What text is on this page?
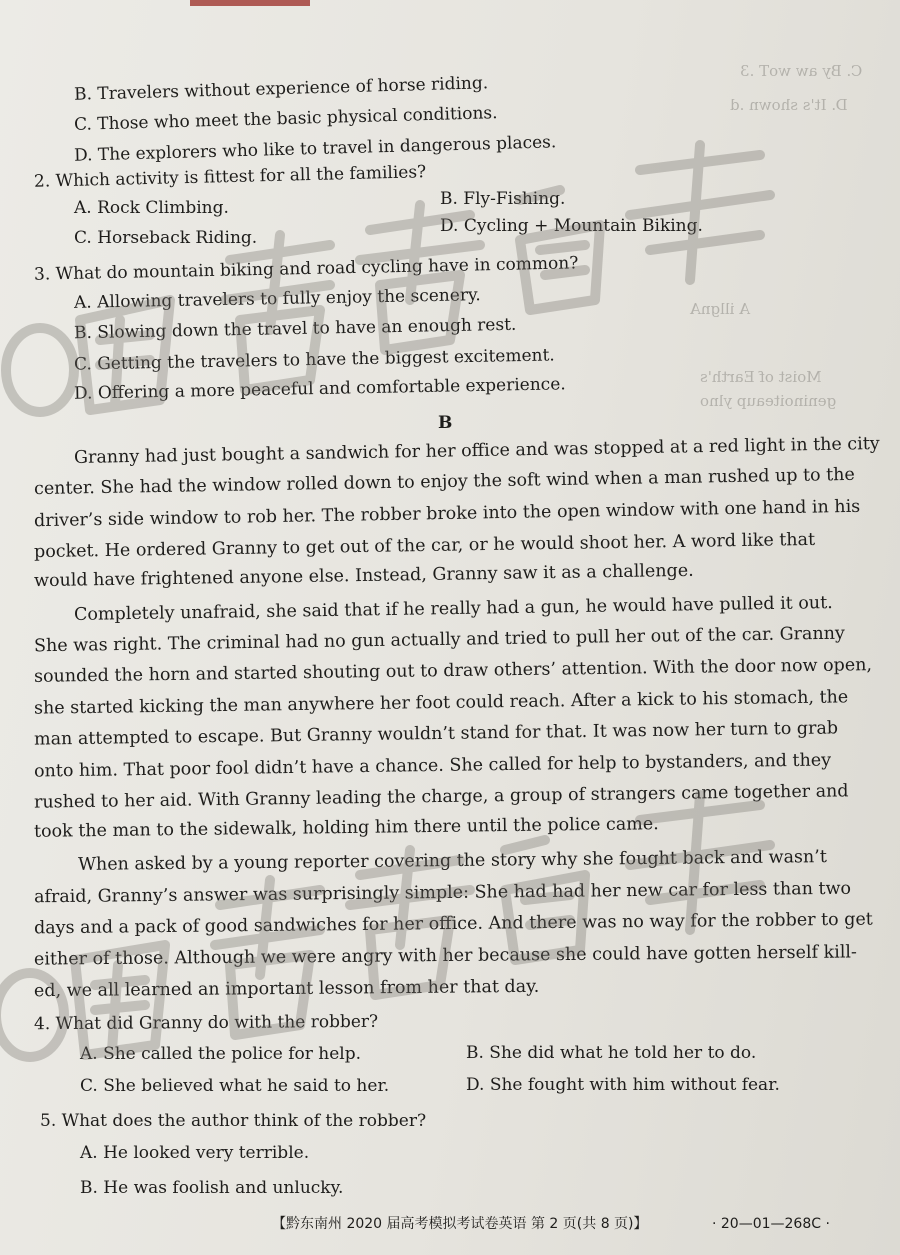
C. By aw woT .3
D. It's shown .d
A illgnA
Moist of Earth's
geninoiteaup ylno
B. Travelers without experience of horse riding.
C. Those who meet the basic physical conditions.
D. The explorers who like to travel in dangerous places.
2. Which activity is fittest for all the families?
A. Rock Climbing.	B. Fly-Fishing.
C. Horseback Riding.
D. Cycling + Mountain Biking.
3. What do mountain biking and road cycling have in common?
A. Allowing travelers to fully enjoy the scenery.
B. Slowing down the travel to have an enough rest.
C. Getting the travelers to have the biggest excitement.
D. Offering a more peaceful and comfortable experience.
B
Granny had just bought a sandwich for her office and was stopped at a red light in the city
center. She had the window rolled down to enjoy the soft wind when a man rushed up to the
driver’s side window to rob her. The robber broke into the open window with one hand in his
pocket. He ordered Granny to get out of the car, or he would shoot her. A word like that
would have frightened anyone else. Instead, Granny saw it as a challenge.
Completely unafraid, she said that if he really had a gun, he would have pulled it out.
She was right. The criminal had no gun actually and tried to pull her out of the car. Granny
sounded the horn and started shouting out to draw others’ attention. With the door now open,
she started kicking the man anywhere her foot could reach. After a kick to his stomach, the
man attempted to escape. But Granny wouldn’t stand for that. It was now her turn to grab
onto him. That poor fool didn’t have a chance. She called for help to bystanders, and they
rushed to her aid. With Granny leading the charge, a group of strangers came together and
took the man to the sidewalk, holding him there until the police came.
When asked by a young reporter covering the story why she fought back and wasn’t
afraid, Granny’s answer was surprisingly simple: She had had her new car for less than two
days and a pack of good sandwiches for her office. And there was no way for the robber to get
either of those. Although we were angry with her because she could have gotten herself kill-
ed, we all learned an important lesson from her that day.
4. What did Granny do with the robber?
A. She called the police for help.	B. She did what he told her to do.
C. She believed what he said to her.	D. She fought with him without fear.
5. What does the author think of the robber?
A. He looked very terrible.
B. He was foolish and unlucky.
【黔东南州 2020 届高考模拟考试卷英语 第 2 页(共 8 页)】	· 20—01—268C ·
